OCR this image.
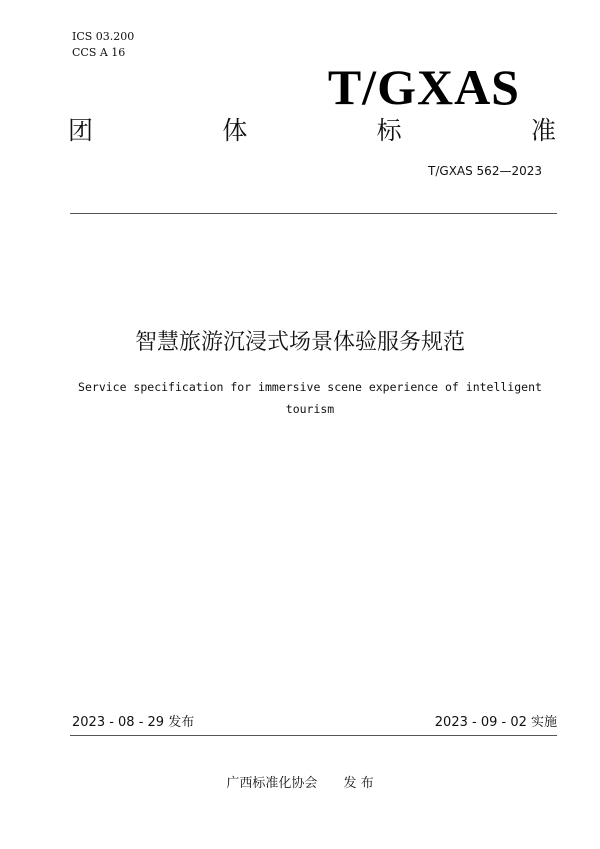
ICS 03.200
CCS A 16
T/GXAS
团	体	标	准
T/GXAS 562—2023
智慧旅游沉浸式场景体验服务规范
Service specification for immersive scene experience of intelligent tourism
2023 - 08 - 29 发布	2023 - 09 - 02 实施
广西标准化协会 发 布
